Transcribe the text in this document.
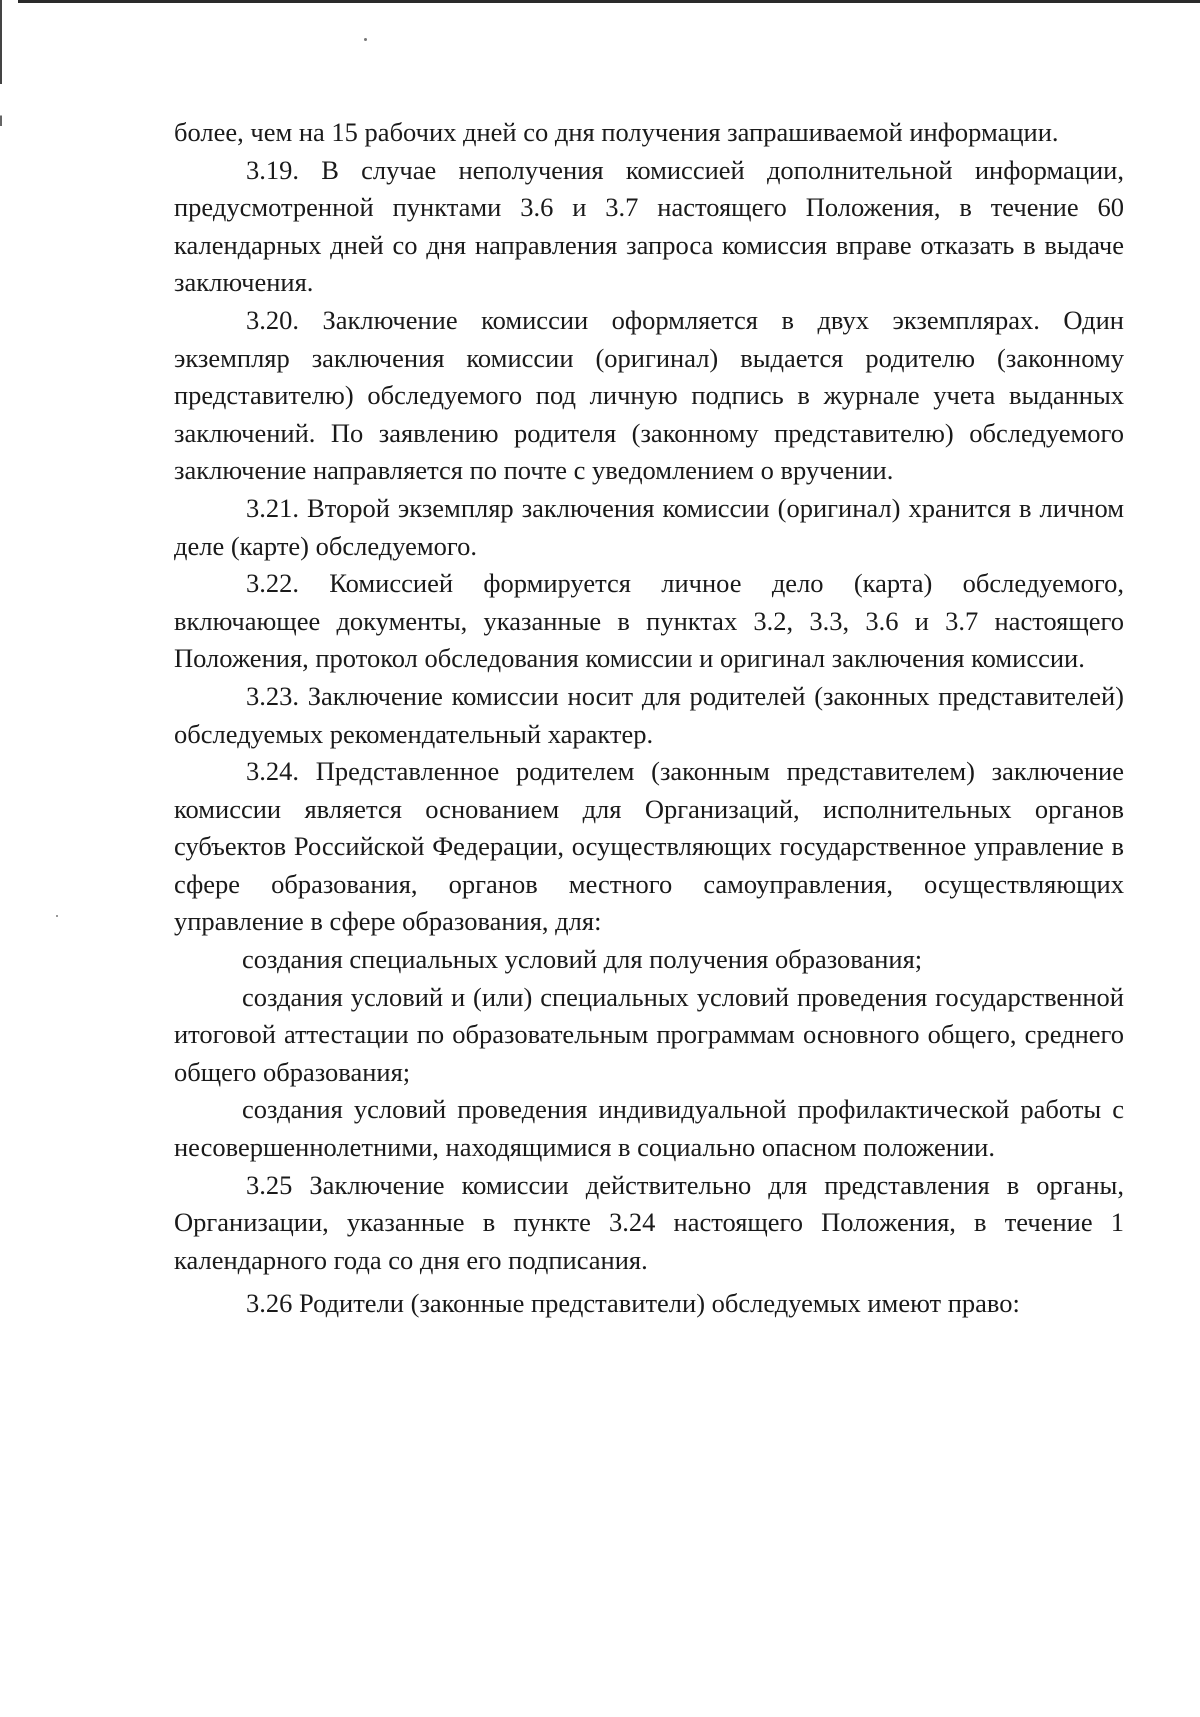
более, чем на 15 рабочих дней со дня получения запрашиваемой информации.

3.19. В случае неполучения комиссией дополнительной информации, предусмотренной пунктами 3.6 и 3.7 настоящего Положения, в течение 60 календарных дней со дня направления запроса комиссия вправе отказать в выдаче заключения.

3.20. Заключение комиссии оформляется в двух экземплярах. Один экземпляр заключения комиссии (оригинал) выдается родителю (законному представителю) обследуемого под личную подпись в журнале учета выданных заключений. По заявлению родителя (законному представителю) обследуемого заключение направляется по почте с уведомлением о вручении.

3.21. Второй экземпляр заключения комиссии (оригинал) хранится в личном деле (карте) обследуемого.

3.22. Комиссией формируется личное дело (карта) обследуемого, включающее документы, указанные в пунктах 3.2, 3.3, 3.6 и 3.7 настоящего Положения, протокол обследования комиссии и оригинал заключения комиссии.

3.23. Заключение комиссии носит для родителей (законных представителей) обследуемых рекомендательный характер.

3.24. Представленное родителем (законным представителем) заключение комиссии является основанием для Организаций, исполнительных органов субъектов Российской Федерации, осуществляющих государственное управление в сфере образования, органов местного самоуправления, осуществляющих управление в сфере образования, для:

создания специальных условий для получения образования;

создания условий и (или) специальных условий проведения государственной итоговой аттестации по образовательным программам основного общего, среднего общего образования;

создания условий проведения индивидуальной профилактической работы с несовершеннолетними, находящимися в социально опасном положении.

3.25 Заключение комиссии действительно для представления в органы, Организации, указанные в пункте 3.24 настоящего Положения, в течение 1 календарного года со дня его подписания.

3.26 Родители (законные представители) обследуемых имеют право:
